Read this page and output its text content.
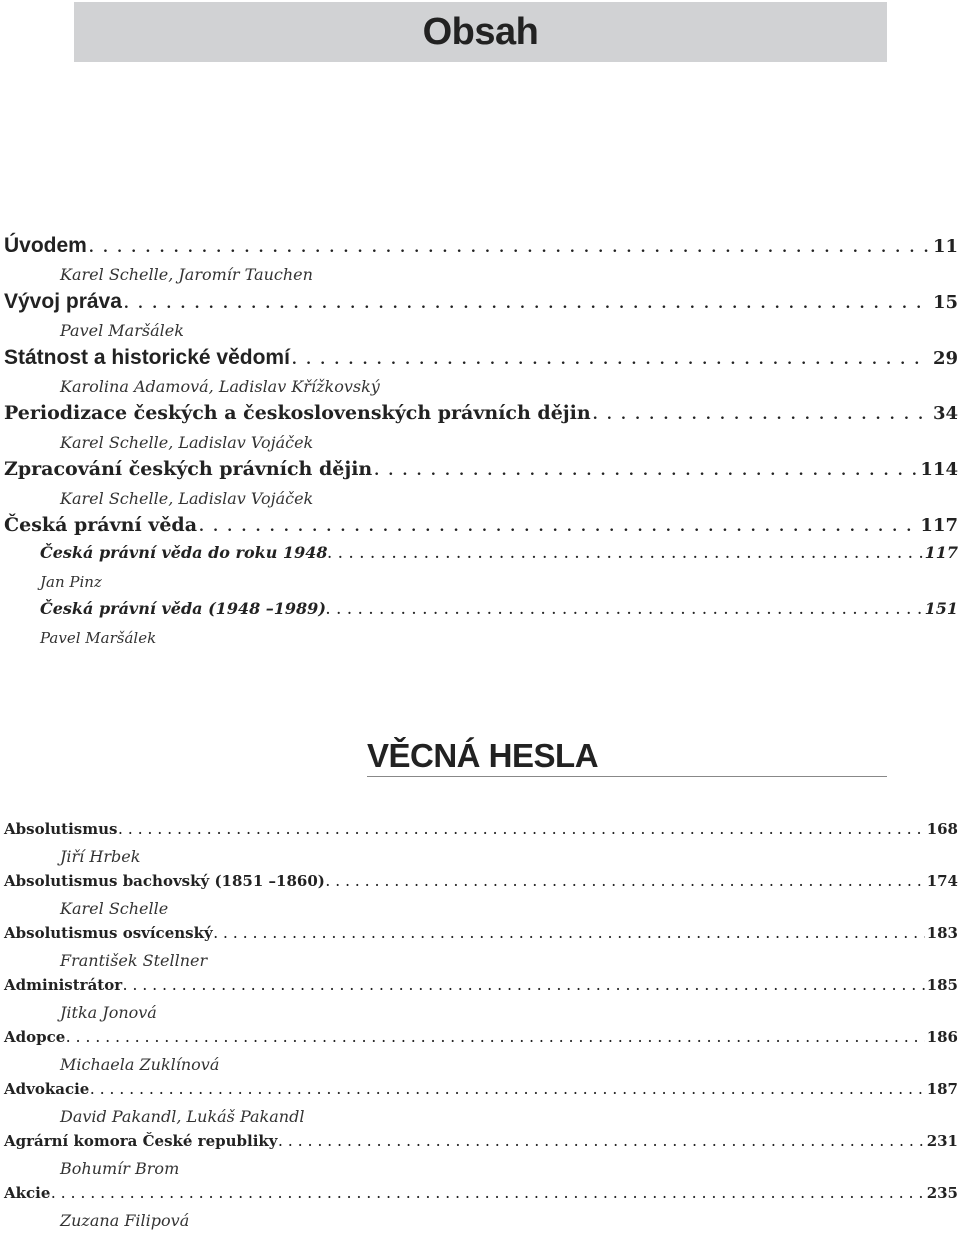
Obsah
Úvodem . . .	11
Karel Schelle, Jaromír Tauchen
Vývoj práva . . .	15
Pavel Maršálek
Státnost a historické vědomí . . .	29
Karolina Adamová, Ladislav Křížkovský
Periodizace českých a československých právních dějin . . .	34
Karel Schelle, Ladislav Vojáček
Zpracování českých právních dějin . . .	114
Karel Schelle, Ladislav Vojáček
Česká právní věda . . .	117
Česká právní věda do roku 1948 . . .	117
Jan Pinz
Česká právní věda (1948 –1989) . . .	151
Pavel Maršálek
VĚCNÁ HESLA
Absolutismus . . .	168
Jiří Hrbek
Absolutismus bachovský (1851 –1860) . . .	174
Karel Schelle
Absolutismus osvícenský . . .	183
František Stellner
Administrátor . . .	185
Jitka Jonová
Adopce . . .	186
Michaela Zuklínová
Advokacie . . .	187
David Pakandl, Lukáš Pakandl
Agrární komora České republiky . . .	231
Bohumír Brom
Akcie . . .	235
Zuzana Filipová
